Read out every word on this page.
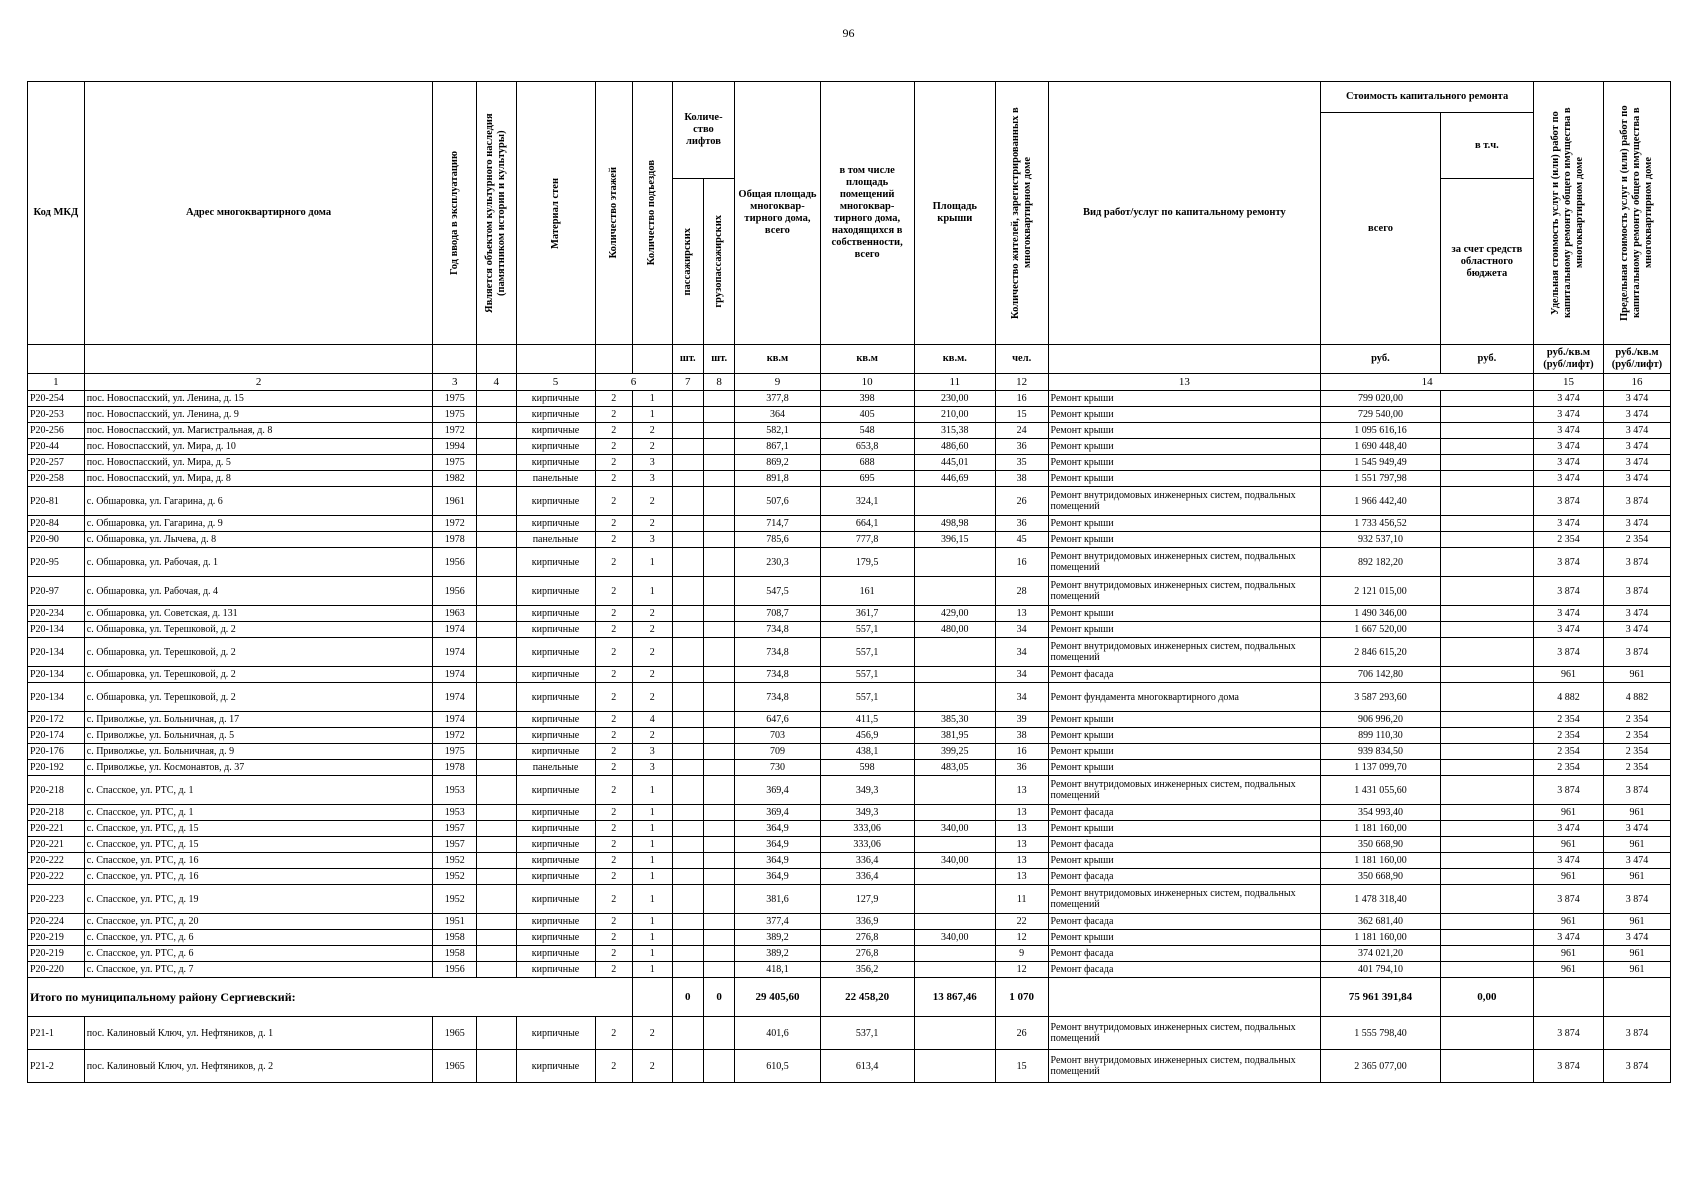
96
Код МКД	Адрес многоквартирного дома	Год ввода в эксплуатацию	Является объектом культурного наследия (памятником истории и культуры)	Материал стен	Количество этажей	Количество подъездов	Количе-ство лифтов		Общая площадь многоквар-тирного дома, всего	в том числе площадь помещений многоквар-тирного дома, находящихся в собственности, всего	Площадь крыши	Количество жителей, зарегистрированных в многоквартирном доме	Вид работ/услуг по капитальному ремонту	Стоимость капитального ремонта		Удельная стоимость услуг и (или) работ по капитальному ремонту общего имущества в многоквартирном доме	Предельная стоимость услуг и (или) работ по капитальному ремонту общего имущества в многоквартирном доме

														всего	в т.ч.		

							пассажирских	грузопассажирских							за счет средств областного бюджета		
							шт.	шт.	кв.м	кв.м	кв.м.	чел.		руб.	руб.	руб./кв.м (руб/лифт)	руб./кв.м (руб/лифт)
1	2	3	4	5	6		7	8	9	10	11	12	13	14		15	16
Р20-254	пос. Новоспасский, ул. Ленина, д. 15	1975		кирпичные	2	1			377,8	398	230,00	16	Ремонт крыши	799 020,00		3 474	3 474
Р20-253	пос. Новоспасский, ул. Ленина, д. 9	1975		кирпичные	2	1			364	405	210,00	15	Ремонт крыши	729 540,00		3 474	3 474
Р20-256	пос. Новоспасский, ул. Магистральная, д. 8	1972		кирпичные	2	2			582,1	548	315,38	24	Ремонт крыши	1 095 616,16		3 474	3 474
Р20-44	пос. Новоспасский, ул. Мира, д. 10	1994		кирпичные	2	2			867,1	653,8	486,60	36	Ремонт крыши	1 690 448,40		3 474	3 474
Р20-257	пос. Новоспасский, ул. Мира, д. 5	1975		кирпичные	2	3			869,2	688	445,01	35	Ремонт крыши	1 545 949,49		3 474	3 474
Р20-258	пос. Новоспасский, ул. Мира, д. 8	1982		панельные	2	3			891,8	695	446,69	38	Ремонт крыши	1 551 797,98		3 474	3 474
Р20-81	с. Обшаровка, ул. Гагарина, д. 6	1961		кирпичные	2	2			507,6	324,1		26	Ремонт внутридомовых инженерных систем, подвальных помещений	1 966 442,40		3 874	3 874
Р20-84	с. Обшаровка, ул. Гагарина, д. 9	1972		кирпичные	2	2			714,7	664,1	498,98	36	Ремонт крыши	1 733 456,52		3 474	3 474
Р20-90	с. Обшаровка, ул. Лычева, д. 8	1978		панельные	2	3			785,6	777,8	396,15	45	Ремонт крыши	932 537,10		2 354	2 354
Р20-95	с. Обшаровка, ул. Рабочая, д. 1	1956		кирпичные	2	1			230,3	179,5		16	Ремонт внутридомовых инженерных систем, подвальных помещений	892 182,20		3 874	3 874
Р20-97	с. Обшаровка, ул. Рабочая, д. 4	1956		кирпичные	2	1			547,5	161		28	Ремонт внутридомовых инженерных систем, подвальных помещений	2 121 015,00		3 874	3 874
Р20-234	с. Обшаровка, ул. Советская, д. 131	1963		кирпичные	2	2			708,7	361,7	429,00	13	Ремонт крыши	1 490 346,00		3 474	3 474
Р20-134	с. Обшаровка, ул. Терешковой, д. 2	1974		кирпичные	2	2			734,8	557,1	480,00	34	Ремонт крыши	1 667 520,00		3 474	3 474
Р20-134	с. Обшаровка, ул. Терешковой, д. 2	1974		кирпичные	2	2			734,8	557,1		34	Ремонт внутридомовых инженерных систем, подвальных помещений	2 846 615,20		3 874	3 874
Р20-134	с. Обшаровка, ул. Терешковой, д. 2	1974		кирпичные	2	2			734,8	557,1		34	Ремонт фасада	706 142,80		961	961
Р20-134	с. Обшаровка, ул. Терешковой, д. 2	1974		кирпичные	2	2			734,8	557,1		34	Ремонт фундамента многоквартирного дома	3 587 293,60		4 882	4 882
Р20-172	с. Приволжье, ул. Больничная, д. 17	1974		кирпичные	2	4			647,6	411,5	385,30	39	Ремонт крыши	906 996,20		2 354	2 354
Р20-174	с. Приволжье, ул. Больничная, д. 5	1972		кирпичные	2	2			703	456,9	381,95	38	Ремонт крыши	899 110,30		2 354	2 354
Р20-176	с. Приволжье, ул. Больничная, д. 9	1975		кирпичные	2	3			709	438,1	399,25	16	Ремонт крыши	939 834,50		2 354	2 354
Р20-192	с. Приволжье, ул. Космонавтов, д. 37	1978		панельные	2	3			730	598	483,05	36	Ремонт крыши	1 137 099,70		2 354	2 354
Р20-218	с. Спасское, ул. РТС, д. 1	1953		кирпичные	2	1			369,4	349,3		13	Ремонт внутридомовых инженерных систем, подвальных помещений	1 431 055,60		3 874	3 874
Р20-218	с. Спасское, ул. РТС, д. 1	1953		кирпичные	2	1			369,4	349,3		13	Ремонт фасада	354 993,40		961	961
Р20-221	с. Спасское, ул. РТС, д. 15	1957		кирпичные	2	1			364,9	333,06	340,00	13	Ремонт крыши	1 181 160,00		3 474	3 474
Р20-221	с. Спасское, ул. РТС, д. 15	1957		кирпичные	2	1			364,9	333,06		13	Ремонт фасада	350 668,90		961	961
Р20-222	с. Спасское, ул. РТС, д. 16	1952		кирпичные	2	1			364,9	336,4	340,00	13	Ремонт крыши	1 181 160,00		3 474	3 474
Р20-222	с. Спасское, ул. РТС, д. 16	1952		кирпичные	2	1			364,9	336,4		13	Ремонт фасада	350 668,90		961	961
Р20-223	с. Спасское, ул. РТС, д. 19	1952		кирпичные	2	1			381,6	127,9		11	Ремонт внутридомовых инженерных систем, подвальных помещений	1 478 318,40		3 874	3 874
Р20-224	с. Спасское, ул. РТС, д. 20	1951		кирпичные	2	1			377,4	336,9		22	Ремонт фасада	362 681,40		961	961
Р20-219	с. Спасское, ул. РТС, д. 6	1958		кирпичные	2	1			389,2	276,8	340,00	12	Ремонт крыши	1 181 160,00		3 474	3 474
Р20-219	с. Спасское, ул. РТС, д. 6	1958		кирпичные	2	1			389,2	276,8		9	Ремонт фасада	374 021,20		961	961
Р20-220	с. Спасское, ул. РТС, д. 7	1956		кирпичные	2	1			418,1	356,2		12	Ремонт фасада	401 794,10		961	961
Итого по муниципальному району Сергиевский:							0	0	29 405,60	22 458,20	13 867,46	1 070		75 961 391,84	0,00		
Р21-1	пос. Калиновый Ключ, ул. Нефтяников, д. 1	1965		кирпичные	2	2			401,6	537,1		26	Ремонт внутридомовых инженерных систем, подвальных помещений	1 555 798,40		3 874	3 874
Р21-2	пос. Калиновый Ключ, ул. Нефтяников, д. 2	1965		кирпичные	2	2			610,5	613,4		15	Ремонт внутридомовых инженерных систем, подвальных помещений	2 365 077,00		3 874	3 874
